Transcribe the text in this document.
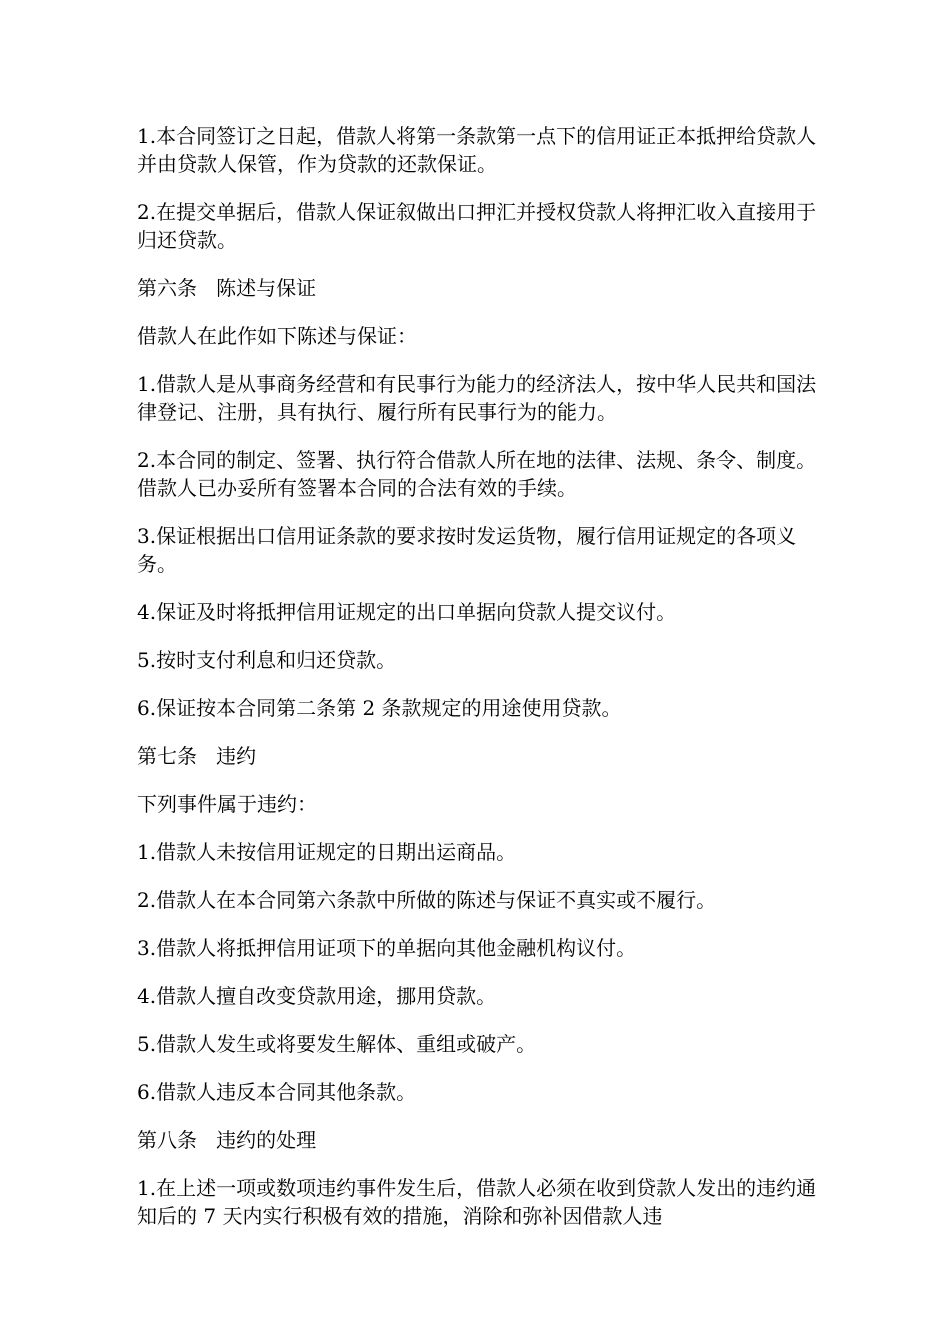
1.本合同签订之日起，借款人将第一条款第一点下的信用证正本抵押给贷款人并由贷款人保管，作为贷款的还款保证。

2.在提交单据后，借款人保证叙做出口押汇并授权贷款人将押汇收入直接用于归还贷款。

第六条   陈述与保证

借款人在此作如下陈述与保证：

1.借款人是从事商务经营和有民事行为能力的经济法人，按中华人民共和国法律登记、注册，具有执行、履行所有民事行为的能力。

2.本合同的制定、签署、执行符合借款人所在地的法律、法规、条令、制度。借款人已办妥所有签署本合同的合法有效的手续。

3.保证根据出口信用证条款的要求按时发运货物，履行信用证规定的各项义务。

4.保证及时将抵押信用证规定的出口单据向贷款人提交议付。

5.按时支付利息和归还贷款。

6.保证按本合同第二条第 2 条款规定的用途使用贷款。

第七条   违约

下列事件属于违约：

1.借款人未按信用证规定的日期出运商品。

2.借款人在本合同第六条款中所做的陈述与保证不真实或不履行。

3.借款人将抵押信用证项下的单据向其他金融机构议付。

4.借款人擅自改变贷款用途，挪用贷款。

5.借款人发生或将要发生解体、重组或破产。

6.借款人违反本合同其他条款。

第八条   违约的处理

1.在上述一项或数项违约事件发生后，借款人必须在收到贷款人发出的违约通知后的 7 天内实行积极有效的措施，消除和弥补因借款人违
